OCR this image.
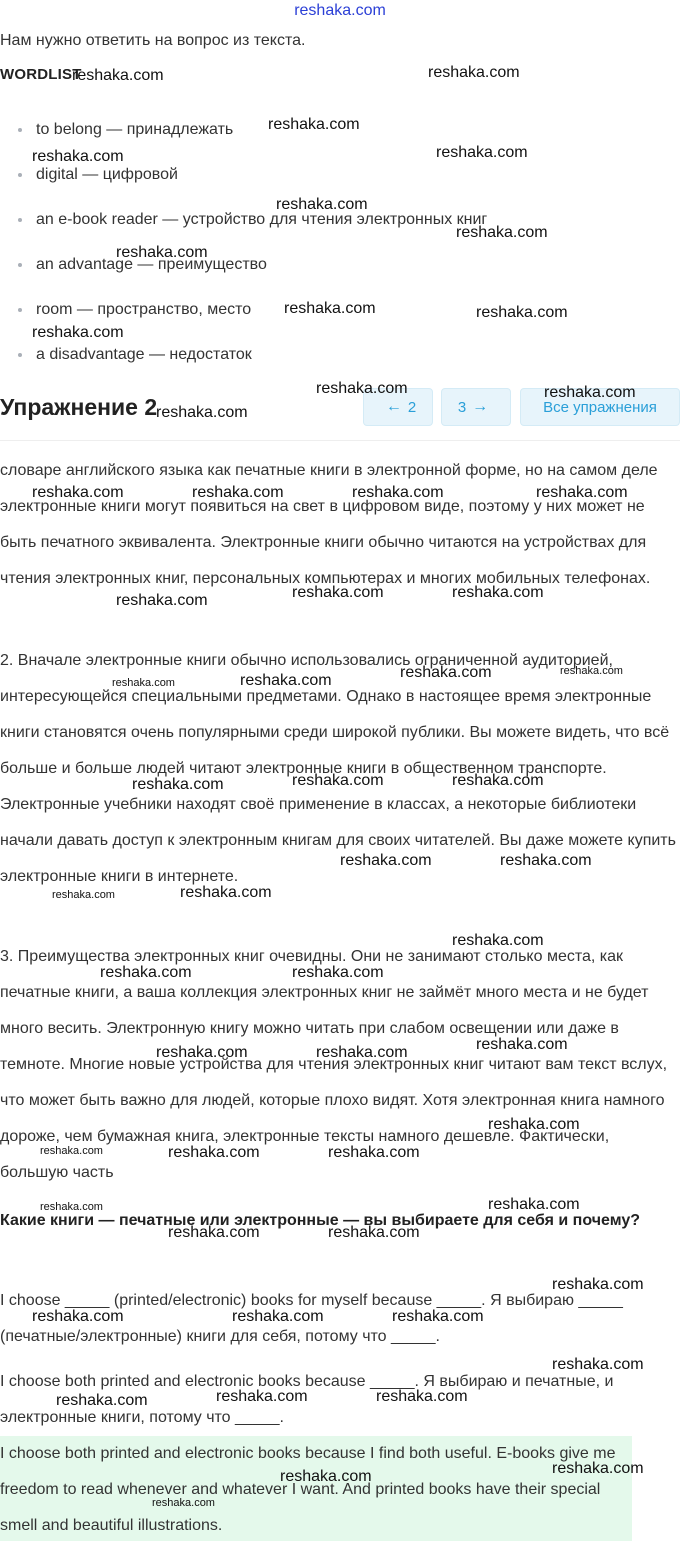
reshaka.com
Нам нужно ответить на вопрос из текста.
WORDLIST
to belong — принадлежать
digital — цифровой
an e-book reader — устройство для чтения электронных книг
an advantage — преимущество
room — пространство, место
a disadvantage — недостаток
Упражнение 2	← 2	3 →	Все упражнения

словаре английского языка как печатные книги в электронной форме, но на самом деле электронные книги могут появиться на свет в цифровом виде, поэтому у них может не быть печатного эквивалента. Электронные книги обычно читаются на устройствах для чтения электронных книг, персональных компьютерах и многих мобильных телефонах.

2. Вначале электронные книги обычно использовались ограниченной аудиторией, интересующейся специальными предметами. Однако в настоящее время электронные книги становятся очень популярными среди широкой публики. Вы можете видеть, что всё больше и больше людей читают электронные книги в общественном транспорте. Электронные учебники находят своё применение в классах, а некоторые библиотеки начали давать доступ к электронным книгам для своих читателей. Вы даже можете купить электронные книги в интернете.

3. Преимущества электронных книг очевидны. Они не занимают столько места, как печатные книги, а ваша коллекция электронных книг не займёт много места и не будет много весить. Электронную книгу можно читать при слабом освещении или даже в темноте. Многие новые устройства для чтения электронных книг читают вам текст вслух, что может быть важно для людей, которые плохо видят. Хотя электронная книга намного дороже, чем бумажная книга, электронные тексты намного дешевле. Фактически, большую часть

Какие книги — печатные или электронные — вы выбираете для себя и почему?

I choose _____ (printed/electronic) books for myself because _____. Я выбираю _____ (печатные/электронные) книги для себя, потому что _____.

I choose both printed and electronic books because _____. Я выбираю и печатные, и электронные книги, потому что _____.

I choose both printed and electronic books because I find both useful. E-books give me freedom to read whenever and whatever I want. And printed books have their special smell and beautiful illustrations.

reshaka.com	reshaka.com
reshaka.com
reshaka.com	reshaka.com
reshaka.com
reshaka.com
reshaka.com
reshaka.com	reshaka.com
reshaka.com
reshaka.com	reshaka.com
reshaka.com
reshaka.com	reshaka.com	reshaka.com	reshaka.com
reshaka.com	reshaka.com
reshaka.com
reshaka.com
reshaka.com
reshaka.com
reshaka.com
reshaka.com	reshaka.com
reshaka.com
reshaka.com	reshaka.com
reshaka.com
reshaka.com
reshaka.com
reshaka.com	reshaka.com
reshaka.com
reshaka.com	reshaka.com
reshaka.com
reshaka.com	reshaka.com	reshaka.com
reshaka.com
reshaka.com
reshaka.com	reshaka.com
reshaka.com
reshaka.com	reshaka.com	reshaka.com
reshaka.com
reshaka.com	reshaka.com
reshaka.com
reshaka.com	reshaka.com
reshaka.com
